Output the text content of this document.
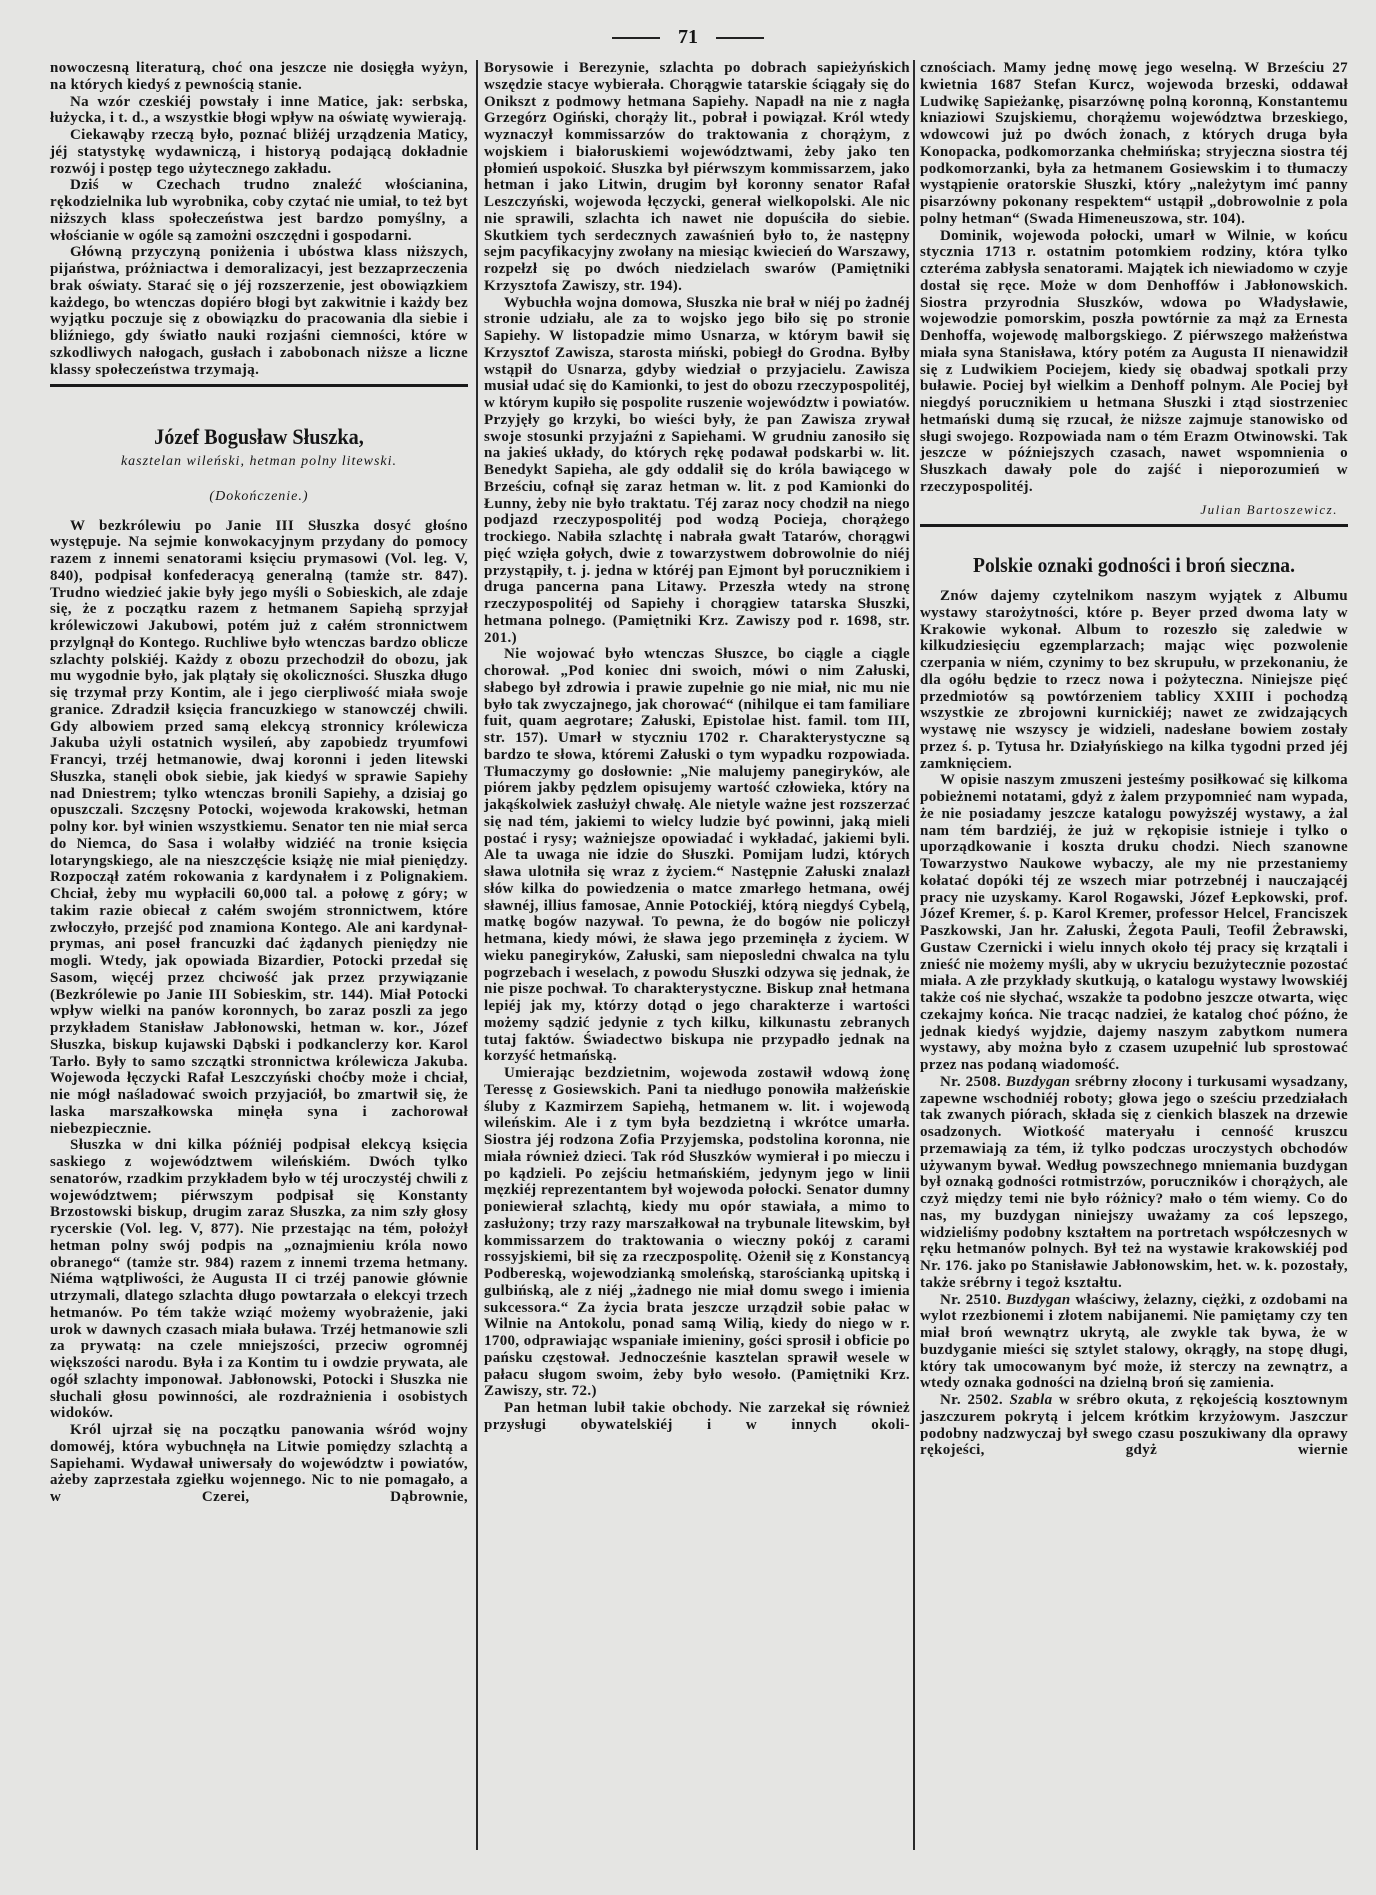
71

nowoczesną literaturą, choć ona jeszcze nie dosięgła wyżyn, na których kiedyś z pewnością stanie.

Na wzór czeskiéj powstały i inne Matice, jak: serbska, łużycka, i t. d., a wszystkie błogi wpływ na oświatę wywierają.

Ciekawąby rzeczą było, poznać bliżéj urządzenia Maticy, jéj statystykę wydawniczą, i historyą podającą dokładnie rozwój i postęp tego użytecznego zakładu.

Dziś w Czechach trudno znaleźć włościanina, rękodzielnika lub wyrobnika, coby czytać nie umiał, to też byt niższych klass społeczeństwa jest bardzo pomyślny, a włościanie w ogóle są zamożni oszczędni i gospodarni.

Główną przyczyną poniżenia i ubóstwa klass niższych, pijaństwa, próżniactwa i demoralizacyi, jest bezzaprzeczenia brak oświaty. Starać się o jéj rozszerzenie, jest obowiązkiem każdego, bo wtenczas dopiéro błogi byt zakwitnie i każdy bez wyjątku poczuje się z obowiązku do pracowania dla siebie i bliźniego, gdy światło nauki rozjaśni ciemności, które w szkodliwych nałogach, gusłach i zabobonach niższe a liczne klassy społeczeństwa trzymają.

Józef Bogusław Słuszka,
kasztelan wileński, hetman polny litewski.
(Dokończenie.)

W bezkrólewiu po Janie III Słuszka dosyć głośno występuje. Na sejmie konwokacyjnym przydany do pomocy razem z innemi senatorami księciu prymasowi (Vol. leg. V, 840), podpisał konfederacyą generalną (tamże str. 847). Trudno wiedzieć jakie były jego myśli o Sobieskich, ale zdaje się, że z początku razem z hetmanem Sapiehą sprzyjał królewiczowi Jakubowi, potém już z całém stronnictwem przylgnął do Kontego. Ruchliwe było wtenczas bardzo oblicze szlachty polskiéj. Każdy z obozu przechodził do obozu, jak mu wygodnie było, jak plątały się okoliczności. Słuszka długo się trzymał przy Kontim, ale i jego cierpliwość miała swoje granice. Zdradził księcia francuzkiego w stanowczéj chwili. Gdy albowiem przed samą elekcyą stronnicy królewicza Jakuba użyli ostatnich wysileń, aby zapobiedz tryumfowi Francyi, trzéj hetmanowie, dwaj koronni i jeden litewski Słuszka, stanęli obok siebie, jak kiedyś w sprawie Sapiehy nad Dniestrem; tylko wtenczas bronili Sapiehy, a dzisiaj go opuszczali. Szczęsny Potocki, wojewoda krakowski, hetman polny kor. był winien wszystkiemu. Senator ten nie miał serca do Niemca, do Sasa i wolałby widziéć na tronie księcia lotaryngskiego, ale na nieszczęście książę nie miał pieniędzy. Rozpoczął zatém rokowania z kardynałem i z Polignakiem. Chciał, żeby mu wypłacili 60,000 tal. a połowę z góry; w takim razie obiecał z całém swojém stronnictwem, które zwłoczyło, przejść pod znamiona Kontego. Ale ani kardynał-prymas, ani poseł francuzki dać żądanych pieniędzy nie mogli. Wtedy, jak opowiada Bizardier, Potocki przedał się Sasom, więcéj przez chciwość jak przez przywiązanie (Bezkrólewie po Janie III Sobieskim, str. 144). Miał Potocki wpływ wielki na panów koronnych, bo zaraz poszli za jego przykładem Stanisław Jabłonowski, hetman w. kor., Józef Słuszka, biskup kujawski Dąbski i podkanclerzy kor. Karol Tarło. Były to samo szczątki stronnictwa królewicza Jakuba. Wojewoda łęczycki Rafał Leszczyński choćby może i chciał, nie mógł naśladować swoich przyjaciół, bo zmartwił się, że laska marszałkowska minęła syna i zachorował niebezpiecznie.

Słuszka w dni kilka późniéj podpisał elekcyą księcia saskiego z województwem wileńskiém. Dwóch tylko senatorów, rzadkim przykładem było w téj uroczystéj chwili z województwem; piérwszym podpisał się Konstanty Brzostowski biskup, drugim zaraz Słuszka, za nim szły głosy rycerskie (Vol. leg. V, 877). Nie przestając na tém, położył hetman polny swój podpis na „oznajmieniu króla nowo obranego“ (tamże str. 984) razem z innemi trzema hetmany. Niéma wątpliwości, że Augusta II ci trzéj panowie głównie utrzymali, dlatego szlachta długo powtarzała o elekcyi trzech hetmanów. Po tém także wziąć możemy wyobrażenie, jaki urok w dawnych czasach miała buława. Trzéj hetmanowie szli za prywatą: na czele mniejszości, przeciw ogromnéj większości narodu. Była i za Kontim tu i owdzie prywata, ale ogół szlachty imponował. Jabłonowski, Potocki i Słuszka nie słuchali głosu powinności, ale rozdrażnienia i osobistych widoków.

Król ujrzał się na początku panowania wśród wojny domowéj, która wybuchnęła na Litwie pomiędzy szlachtą a Sapiehami. Wydawał uniwersały do województw i powiatów, ażeby zaprzestała zgiełku wojennego. Nic to nie pomagało, a w Czerei, Dąbrownie,

Borysowie i Berezynie, szlachta po dobrach sapieżyńskich wszędzie stacye wybierała. Chorągwie tatarskie ściągały się do Onikszt z podmowy hetmana Sapiehy. Napadł na nie z nagła Grzegórz Ogiński, chorąży lit., pobrał i powiązał. Król wtedy wyznaczył kommissarzów do traktowania z chorążym, z wojskiem i białoruskiemi województwami, żeby jako ten płomień uspokoić. Słuszka był piérwszym kommissarzem, jako hetman i jako Litwin, drugim był koronny senator Rafał Leszczyński, wojewoda łęczycki, generał wielkopolski. Ale nic nie sprawili, szlachta ich nawet nie dopuściła do siebie. Skutkiem tych serdecznych zawaśnień było to, że następny sejm pacyfikacyjny zwołany na miesiąc kwiecień do Warszawy, rozpełzł się po dwóch niedzielach swarów (Pamiętniki Krzysztofa Zawiszy, str. 194).

Wybuchła wojna domowa, Słuszka nie brał w niéj po żadnéj stronie udziału, ale za to wojsko jego biło się po stronie Sapiehy. W listopadzie mimo Usnarza, w którym bawił się Krzysztof Zawisza, starosta miński, pobiegł do Grodna. Byłby wstąpił do Usnarza, gdyby wiedział o przyjacielu. Zawisza musiał udać się do Kamionki, to jest do obozu rzeczypospolitéj, w którym kupiło się pospolite ruszenie województw i powiatów. Przyjęły go krzyki, bo wieści były, że pan Zawisza zrywał swoje stosunki przyjaźni z Sapiehami. W grudniu zanosiło się na jakieś układy, do których rękę podawał podskarbi w. lit. Benedykt Sapieha, ale gdy oddalił się do króla bawiącego w Brześciu, cofnął się zaraz hetman w. lit. z pod Kamionki do Łunny, żeby nie było traktatu. Téj zaraz nocy chodził na niego podjazd rzeczypospolitéj pod wodzą Pocieja, chorążego trockiego. Nabiła szlachtę i nabrała gwałt Tatarów, chorągwi pięć wzięła gołych, dwie z towarzystwem dobrowolnie do niéj przystąpiły, t. j. jedna w któréj pan Ejmont był porucznikiem i druga pancerna pana Litawy. Przeszła wtedy na stronę rzeczypospolitéj od Sapiehy i chorągiew tatarska Słuszki, hetmana polnego. (Pamiętniki Krz. Zawiszy pod r. 1698, str. 201.)

Nie wojować było wtenczas Słuszce, bo ciągle a ciągle chorował. „Pod koniec dni swoich, mówi o nim Załuski, słabego był zdrowia i prawie zupełnie go nie miał, nic mu nie było tak zwyczajnego, jak chorować“ (nihilque ei tam familiare fuit, quam aegrotare; Załuski, Epistolae hist. famil. tom III, str. 157). Umarł w styczniu 1702 r. Charakterystyczne są bardzo te słowa, któremi Załuski o tym wypadku rozpowiada. Tłumaczymy go dosłownie: „Nie malujemy panegiryków, ale piórem jakby pędzlem opisujemy wartość człowieka, który na jakąśkolwiek zasłużył chwałę. Ale nietyle ważne jest rozszerzać się nad tém, jakiemi to wielcy ludzie być powinni, jaką mieli postać i rysy; ważniejsze opowiadać i wykładać, jakiemi byli. Ale ta uwaga nie idzie do Słuszki. Pomijam ludzi, których sława ulotniła się wraz z życiem.“ Następnie Załuski znalazł słów kilka do powiedzenia o matce zmarłego hetmana, owéj sławnéj, illius famosae, Annie Potockiéj, którą niegdyś Cybelą, matkę bogów nazywał. To pewna, że do bogów nie policzył hetmana, kiedy mówi, że sława jego przeminęła z życiem. W wieku panegiryków, Załuski, sam nieposledni chwalca na tylu pogrzebach i weselach, z powodu Słuszki odzywa się jednak, że nie pisze pochwał. To charakterystyczne. Biskup znał hetmana lepiéj jak my, którzy dotąd o jego charakterze i wartości możemy sądzić jedynie z tych kilku, kilkunastu zebranych tutaj faktów. Świadectwo biskupa nie przypadło jednak na korzyść hetmańską.

Umierając bezdzietnim, wojewoda zostawił wdową żonę Teressę z Gosiewskich. Pani ta niedługo ponowiła małżeńskie śluby z Kazmirzem Sapiehą, hetmanem w. lit. i wojewodą wileńskim. Ale i z tym była bezdzietną i wkrótce umarła. Siostra jéj rodzona Zofia Przyjemska, podstolina koronna, nie miała również dzieci. Tak ród Słuszków wymierał i po mieczu i po kądzieli. Po zejściu hetmańskiém, jedynym jego w linii męzkiéj reprezentantem był wojewoda połocki. Senator dumny poniewierał szlachtą, kiedy mu opór stawiała, a mimo to zasłużony; trzy razy marszałkował na trybunale litewskim, był kommissarzem do traktowania o wieczny pokój z carami rossyjskiemi, bił się za rzeczpospolitę. Ożenił się z Konstancyą Podbereską, wojewodzianką smoleńską, starościanką upitską i gulbińską, ale z niéj „żadnego nie miał domu swego i imienia sukcessora.“ Za życia brata jeszcze urządził sobie pałac w Wilnie na Antokolu, ponad samą Wilią, kiedy do niego w r. 1700, odprawiając wspaniałe imieniny, gości sprosił i obficie po pańsku częstował. Jednocześnie kasztelan sprawił wesele w pałacu sługom swoim, żeby było wesoło. (Pamiętniki Krz. Zawiszy, str. 72.)

Pan hetman lubił takie obchody. Nie zarzekał się również przysługi obywatelskiéj i w innych okoli-

cznościach. Mamy jednę mowę jego weselną. W Brześciu 27 kwietnia 1687 Stefan Kurcz, wojewoda brzeski, oddawał Ludwikę Sapieżankę, pisarzównę polną koronną, Konstantemu kniaziowi Szujskiemu, chorążemu województwa brzeskiego, wdowcowi już po dwóch żonach, z których druga była Konopacka, podkomorzanka chełmińska; stryjeczna siostra téj podkomorzanki, była za hetmanem Gosiewskim i to tłumaczy wystąpienie oratorskie Słuszki, który „należytym imć panny pisarzówny pokonany respektem“ ustąpił „dobrowolnie z pola polny hetman“ (Swada Himeneuszowa, str. 104).

Dominik, wojewoda połocki, umarł w Wilnie, w końcu stycznia 1713 r. ostatnim potomkiem rodziny, która tylko czteréma zabłysła senatorami. Majątek ich niewiadomo w czyje dostał się ręce. Może w dom Denhoffów i Jabłonowskich. Siostra przyrodnia Słuszków, wdowa po Władysławie, wojewodzie pomorskim, poszła powtórnie za mąż za Ernesta Denhoffa, wojewodę malborgskiego. Z piérwszego małżeństwa miała syna Stanisława, który potém za Augusta II nienawidził się z Ludwikiem Pociejem, kiedy się obadwaj spotkali przy buławie. Pociej był wielkim a Denhoff polnym. Ale Pociej był niegdyś porucznikiem u hetmana Słuszki i ztąd siostrzeniec hetmański dumą się rzucał, że niższe zajmuje stanowisko od sługi swojego. Rozpowiada nam o tém Erazm Otwinowski. Tak jeszcze w późniejszych czasach, nawet wspomnienia o Słuszkach dawały pole do zajść i nieporozumień w rzeczypospolitéj.

Julian Bartoszewicz.
Polskie oznaki godności i broń sieczna.

Znów dajemy czytelnikom naszym wyjątek z Albumu wystawy starożytności, które p. Beyer przed dwoma laty w Krakowie wykonał. Album to rozeszło się zaledwie w kilkudziesięciu egzemplarzach; mając więc pozwolenie czerpania w niém, czynimy to bez skrupułu, w przekonaniu, że dla ogółu będzie to rzecz nowa i pożyteczna. Niniejsze pięć przedmiotów są powtórzeniem tablicy XXIII i pochodzą wszystkie ze zbrojowni kurnickiéj; nawet ze zwidzających wystawę nie wszyscy je widzieli, nadesłane bowiem zostały przez ś. p. Tytusa hr. Działyńskiego na kilka tygodni przed jéj zamknięciem.

W opisie naszym zmuszeni jesteśmy posiłkować się kilkoma pobieżnemi notatami, gdyż z żalem przypomnieć nam wypada, że nie posiadamy jeszcze katalogu powyższéj wystawy, a żal nam tém bardziéj, że już w rękopisie istnieje i tylko o uporządkowanie i koszta druku chodzi. Niech szanowne Towarzystwo Naukowe wybaczy, ale my nie przestaniemy kołatać dopóki téj ze wszech miar potrzebnéj i nauczającéj pracy nie uzyskamy. Karol Rogawski, Józef Łepkowski, prof. Józef Kremer, ś. p. Karol Kremer, professor Helcel, Franciszek Paszkowski, Jan hr. Załuski, Żegota Pauli, Teofil Żebrawski, Gustaw Czernicki i wielu innych około téj pracy się krzątali i znieść nie możemy myśli, aby w ukryciu bezużytecznie pozostać miała. A złe przykłady skutkują, o katalogu wystawy lwowskiéj także coś nie słychać, wszakże ta podobno jeszcze otwarta, więc czekajmy końca. Nie tracąc nadziei, że katalog choć późno, że jednak kiedyś wyjdzie, dajemy naszym zabytkom numera wystawy, aby można było z czasem uzupełnić lub sprostować przez nas podaną wiadomość.

Nr. 2508. Buzdygan srébrny złocony i turkusami wysadzany, zapewne wschodniéj roboty; głowa jego o sześciu przedziałach tak zwanych piórach, składa się z cienkich blaszek na drzewie osadzonych. Wiotkość materyału i cenność kruszcu przemawiają za tém, iż tylko podczas uroczystych obchodów używanym bywał. Według powszechnego mniemania buzdygan był oznaką godności rotmistrzów, poruczników i chorążych, ale czyż między temi nie było różnicy? mało o tém wiemy. Co do nas, my buzdygan niniejszy uważamy za coś lepszego, widzieliśmy podobny kształtem na portretach współczesnych w ręku hetmanów polnych. Był też na wystawie krakowskiéj pod Nr. 176. jako po Stanisławie Jabłonowskim, het. w. k. pozostały, także srébrny i tegoż kształtu.

Nr. 2510. Buzdygan właściwy, żelazny, ciężki, z ozdobami na wylot rzezbionemi i złotem nabijanemi. Nie pamiętamy czy ten miał broń wewnątrz ukrytą, ale zwykle tak bywa, że w buzdyganie mieści się sztylet stalowy, okrągły, na stopę długi, który tak umocowanym być może, iż sterczy na zewnątrz, a wtedy oznaka godności na dzielną broń się zamienia.

Nr. 2502. Szabla w srébro okuta, z rękojeścią kosztownym jaszczurem pokrytą i jelcem krótkim krzyżowym. Jaszczur podobny nadzwyczaj był swego czasu poszukiwany dla oprawy rękojeści, gdyż wiernie
